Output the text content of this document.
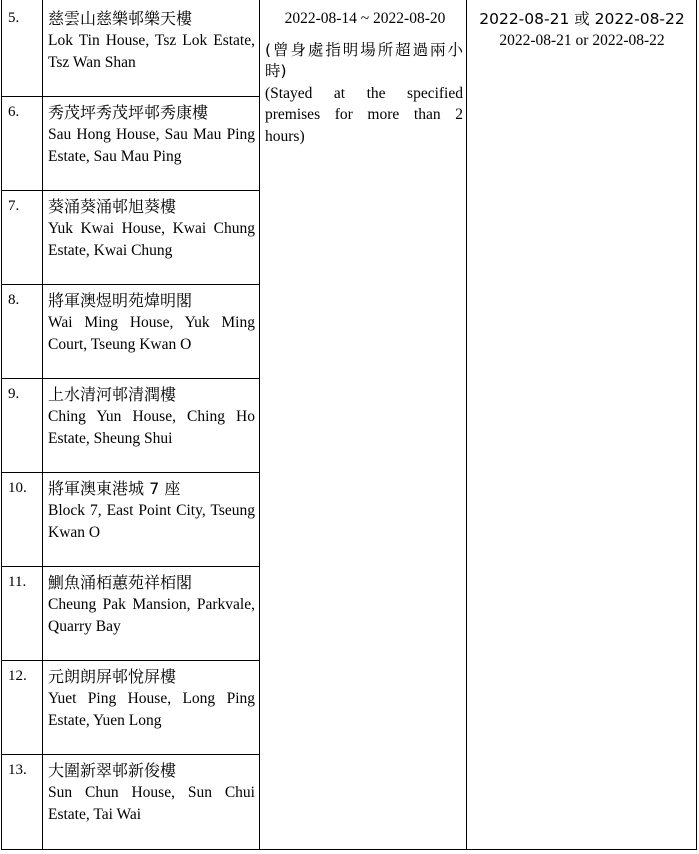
5. 慈雲山慈樂邨樂天樓
Lok Tin House, Tsz Lok Estate, Tsz Wan Shan
6. 秀茂坪秀茂坪邨秀康樓
Sau Hong House, Sau Mau Ping Estate, Sau Mau Ping
7. 葵涌葵涌邨旭葵樓
Yuk Kwai House, Kwai Chung Estate, Kwai Chung
8. 將軍澳煜明苑煒明閣
Wai Ming House, Yuk Ming Court, Tseung Kwan O
9. 上水清河邨清潤樓
Ching Yun House, Ching Ho Estate, Sheung Shui
10. 將軍澳東港城 7 座
Block 7, East Point City, Tseung Kwan O
11. 鰂魚涌栢蕙苑祥栢閣
Cheung Pak Mansion, Parkvale, Quarry Bay
12. 元朗朗屏邨悅屏樓
Yuet Ping House, Long Ping Estate, Yuen Long
13. 大圍新翠邨新俊樓
Sun Chun House, Sun Chui Estate, Tai Wai
2022-08-14 ~ 2022-08-20
(曾身處指明場所超過兩小時)
(Stayed at the specified premises for more than 2 hours)
2022-08-21 或 2022-08-22
2022-08-21 or 2022-08-22
